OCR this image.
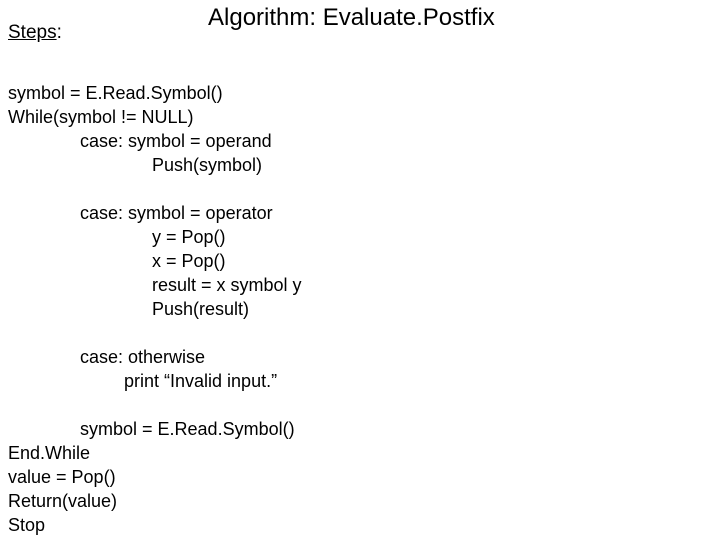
Steps:
Algorithm: Evaluate.Postfix
symbol = E.Read.Symbol()
While(symbol != NULL)
case: symbol = operand
Push(symbol)
case: symbol = operator
y = Pop()
x = Pop()
result = x symbol y
Push(result)
case: otherwise
print “Invalid input.”
symbol = E.Read.Symbol()
End.While
value = Pop()
Return(value)
Stop
